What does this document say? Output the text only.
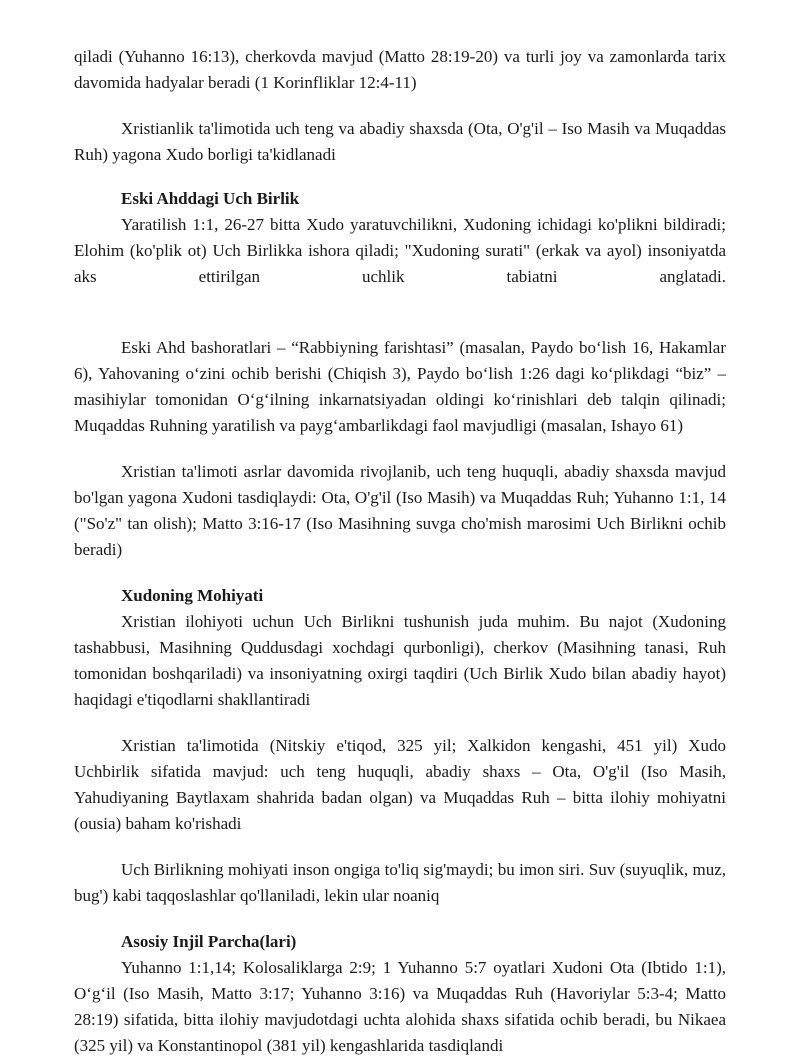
qiladi (Yuhanno 16:13), cherkovda mavjud (Matto 28:19-20) va turli joy va zamonlarda tarix davomida hadyalar beradi (1 Korinfliklar 12:4-11)

Xristianlik ta'limotida uch teng va abadiy shaxsda (Ota, O'g'il – Iso Masih va Muqaddas Ruh) yagona Xudo borligi ta'kidlanadi

Eski Ahddagi Uch Birlik

Yaratilish 1:1, 26-27 bitta Xudo yaratuvchilikni, Xudoning ichidagi ko'plikni bildiradi; Elohim (ko'plik ot) Uch Birlikka ishora qiladi; "Xudoning surati" (erkak va ayol) insoniyatda aks ettirilgan uchlik tabiatni anglatadi.

Eski Ahd bashoratlari – “Rabbiyning farishtasi” (masalan, Paydo bo‘lish 16, Hakamlar 6), Yahovaning o‘zini ochib berishi (Chiqish 3), Paydo bo‘lish 1:26 dagi ko‘plikdagi “biz” – masihiylar tomonidan O‘g‘ilning inkarnatsiyadan oldingi ko‘rinishlari deb talqin qilinadi; Muqaddas Ruhning yaratilish va payg‘ambarlikdagi faol mavjudligi (masalan, Ishayo 61)

Xristian ta'limoti asrlar davomida rivojlanib, uch teng huquqli, abadiy shaxsda mavjud bo'lgan yagona Xudoni tasdiqlaydi: Ota, O'g'il (Iso Masih) va Muqaddas Ruh; Yuhanno 1:1, 14 ("So'z" tan olish); Matto 3:16-17 (Iso Masihning suvga cho'mish marosimi Uch Birlikni ochib beradi)

Xudoning Mohiyati

Xristian ilohiyoti uchun Uch Birlikni tushunish juda muhim. Bu najot (Xudoning tashabbusi, Masihning Quddusdagi xochdagi qurbonligi), cherkov (Masihning tanasi, Ruh tomonidan boshqariladi) va insoniyatning oxirgi taqdiri (Uch Birlik Xudo bilan abadiy hayot) haqidagi e'tiqodlarni shakllantiradi

Xristian ta'limotida (Nitskiy e'tiqod, 325 yil; Xalkidon kengashi, 451 yil) Xudo Uchbirlik sifatida mavjud: uch teng huquqli, abadiy shaxs – Ota, O'g'il (Iso Masih, Yahudiyaning Baytlaxam shahrida badan olgan) va Muqaddas Ruh – bitta ilohiy mohiyatni (ousia) baham ko'rishadi

Uch Birlikning mohiyati inson ongiga to'liq sig'maydi; bu imon siri. Suv (suyuqlik, muz, bug') kabi taqqoslashlar qo'llaniladi, lekin ular noaniq

Asosiy Injil Parcha(lari)

Yuhanno 1:1,14; Kolosaliklarga 2:9; 1 Yuhanno 5:7 oyatlari Xudoni Ota (Ibtido 1:1), O‘g‘il (Iso Masih, Matto 3:17; Yuhanno 3:16) va Muqaddas Ruh (Havoriylar 5:3-4; Matto 28:19) sifatida, bitta ilohiy mavjudotdagi uchta alohida shaxs sifatida ochib beradi, bu Nikaea (325 yil) va Konstantinopol (381 yil) kengashlarida tasdiqlandi
